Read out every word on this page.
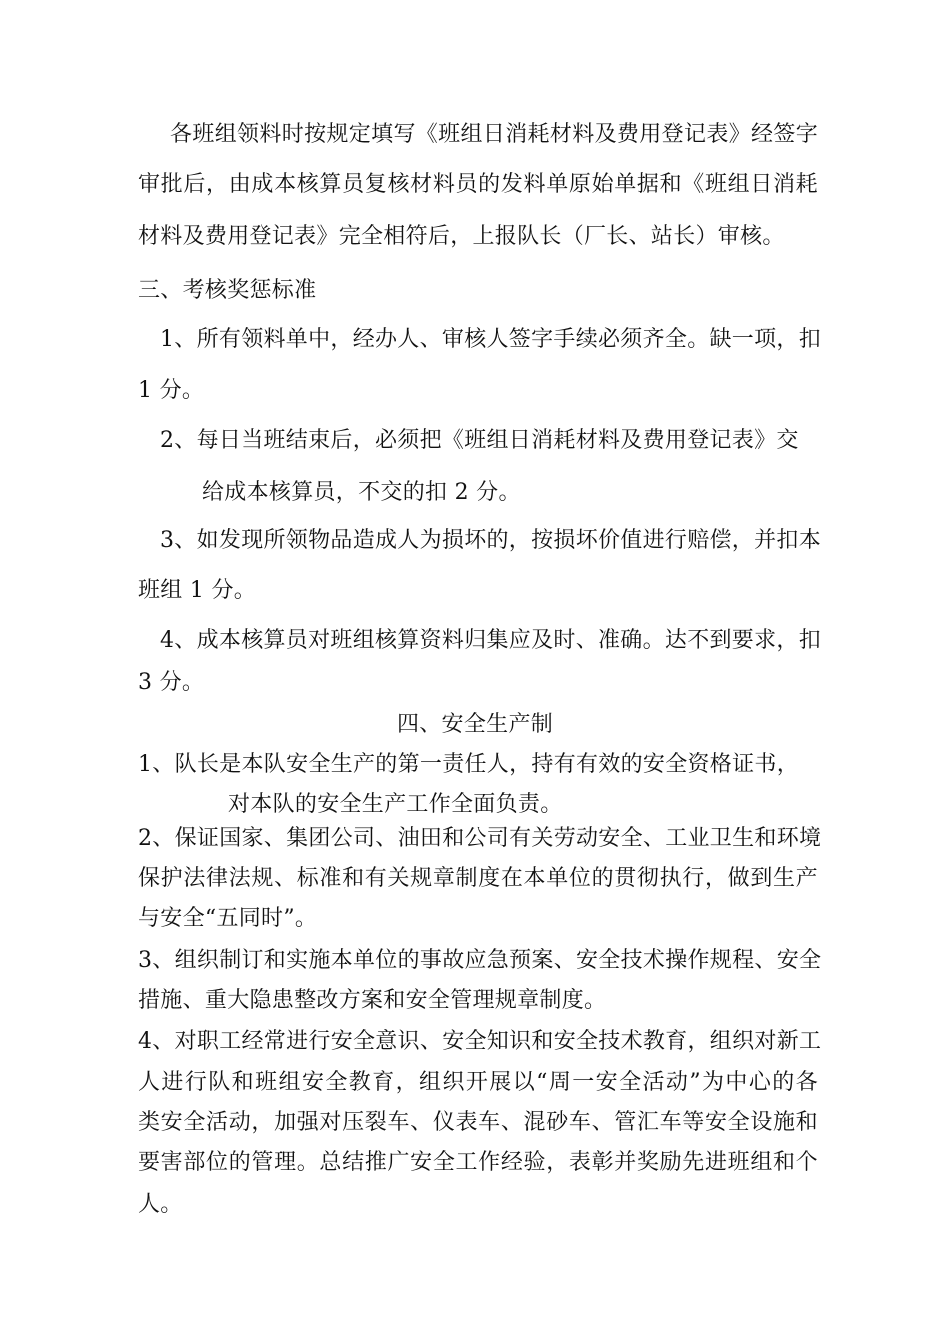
各班组领料时按规定填写《班组日消耗材料及费用登记表》经签字
审批后，由成本核算员复核材料员的发料单原始单据和《班组日消耗
材料及费用登记表》完全相符后，上报队长（厂长、站长）审核。
三、考核奖惩标准
1、所有领料单中，经办人、审核人签字手续必须齐全。缺一项，扣
1 分。
2、每日当班结束后，必须把《班组日消耗材料及费用登记表》交
给成本核算员，不交的扣 2 分。
3、如发现所领物品造成人为损坏的，按损坏价值进行赔偿，并扣本
班组 1 分。
4、成本核算员对班组核算资料归集应及时、准确。达不到要求，扣
3 分。
四、安全生产制
1、队长是本队安全生产的第一责任人，持有有效的安全资格证书，
对本队的安全生产工作全面负责。
2、保证国家、集团公司、油田和公司有关劳动安全、工业卫生和环境
保护法律法规、标准和有关规章制度在本单位的贯彻执行，做到生产
与安全“五同时”。
3、组织制订和实施本单位的事故应急预案、安全技术操作规程、安全
措施、重大隐患整改方案和安全管理规章制度。
4、对职工经常进行安全意识、安全知识和安全技术教育，组织对新工
人进行队和班组安全教育，组织开展以“周一安全活动”为中心的各
类安全活动，加强对压裂车、仪表车、混砂车、管汇车等安全设施和
要害部位的管理。总结推广安全工作经验，表彰并奖励先进班组和个
人。
